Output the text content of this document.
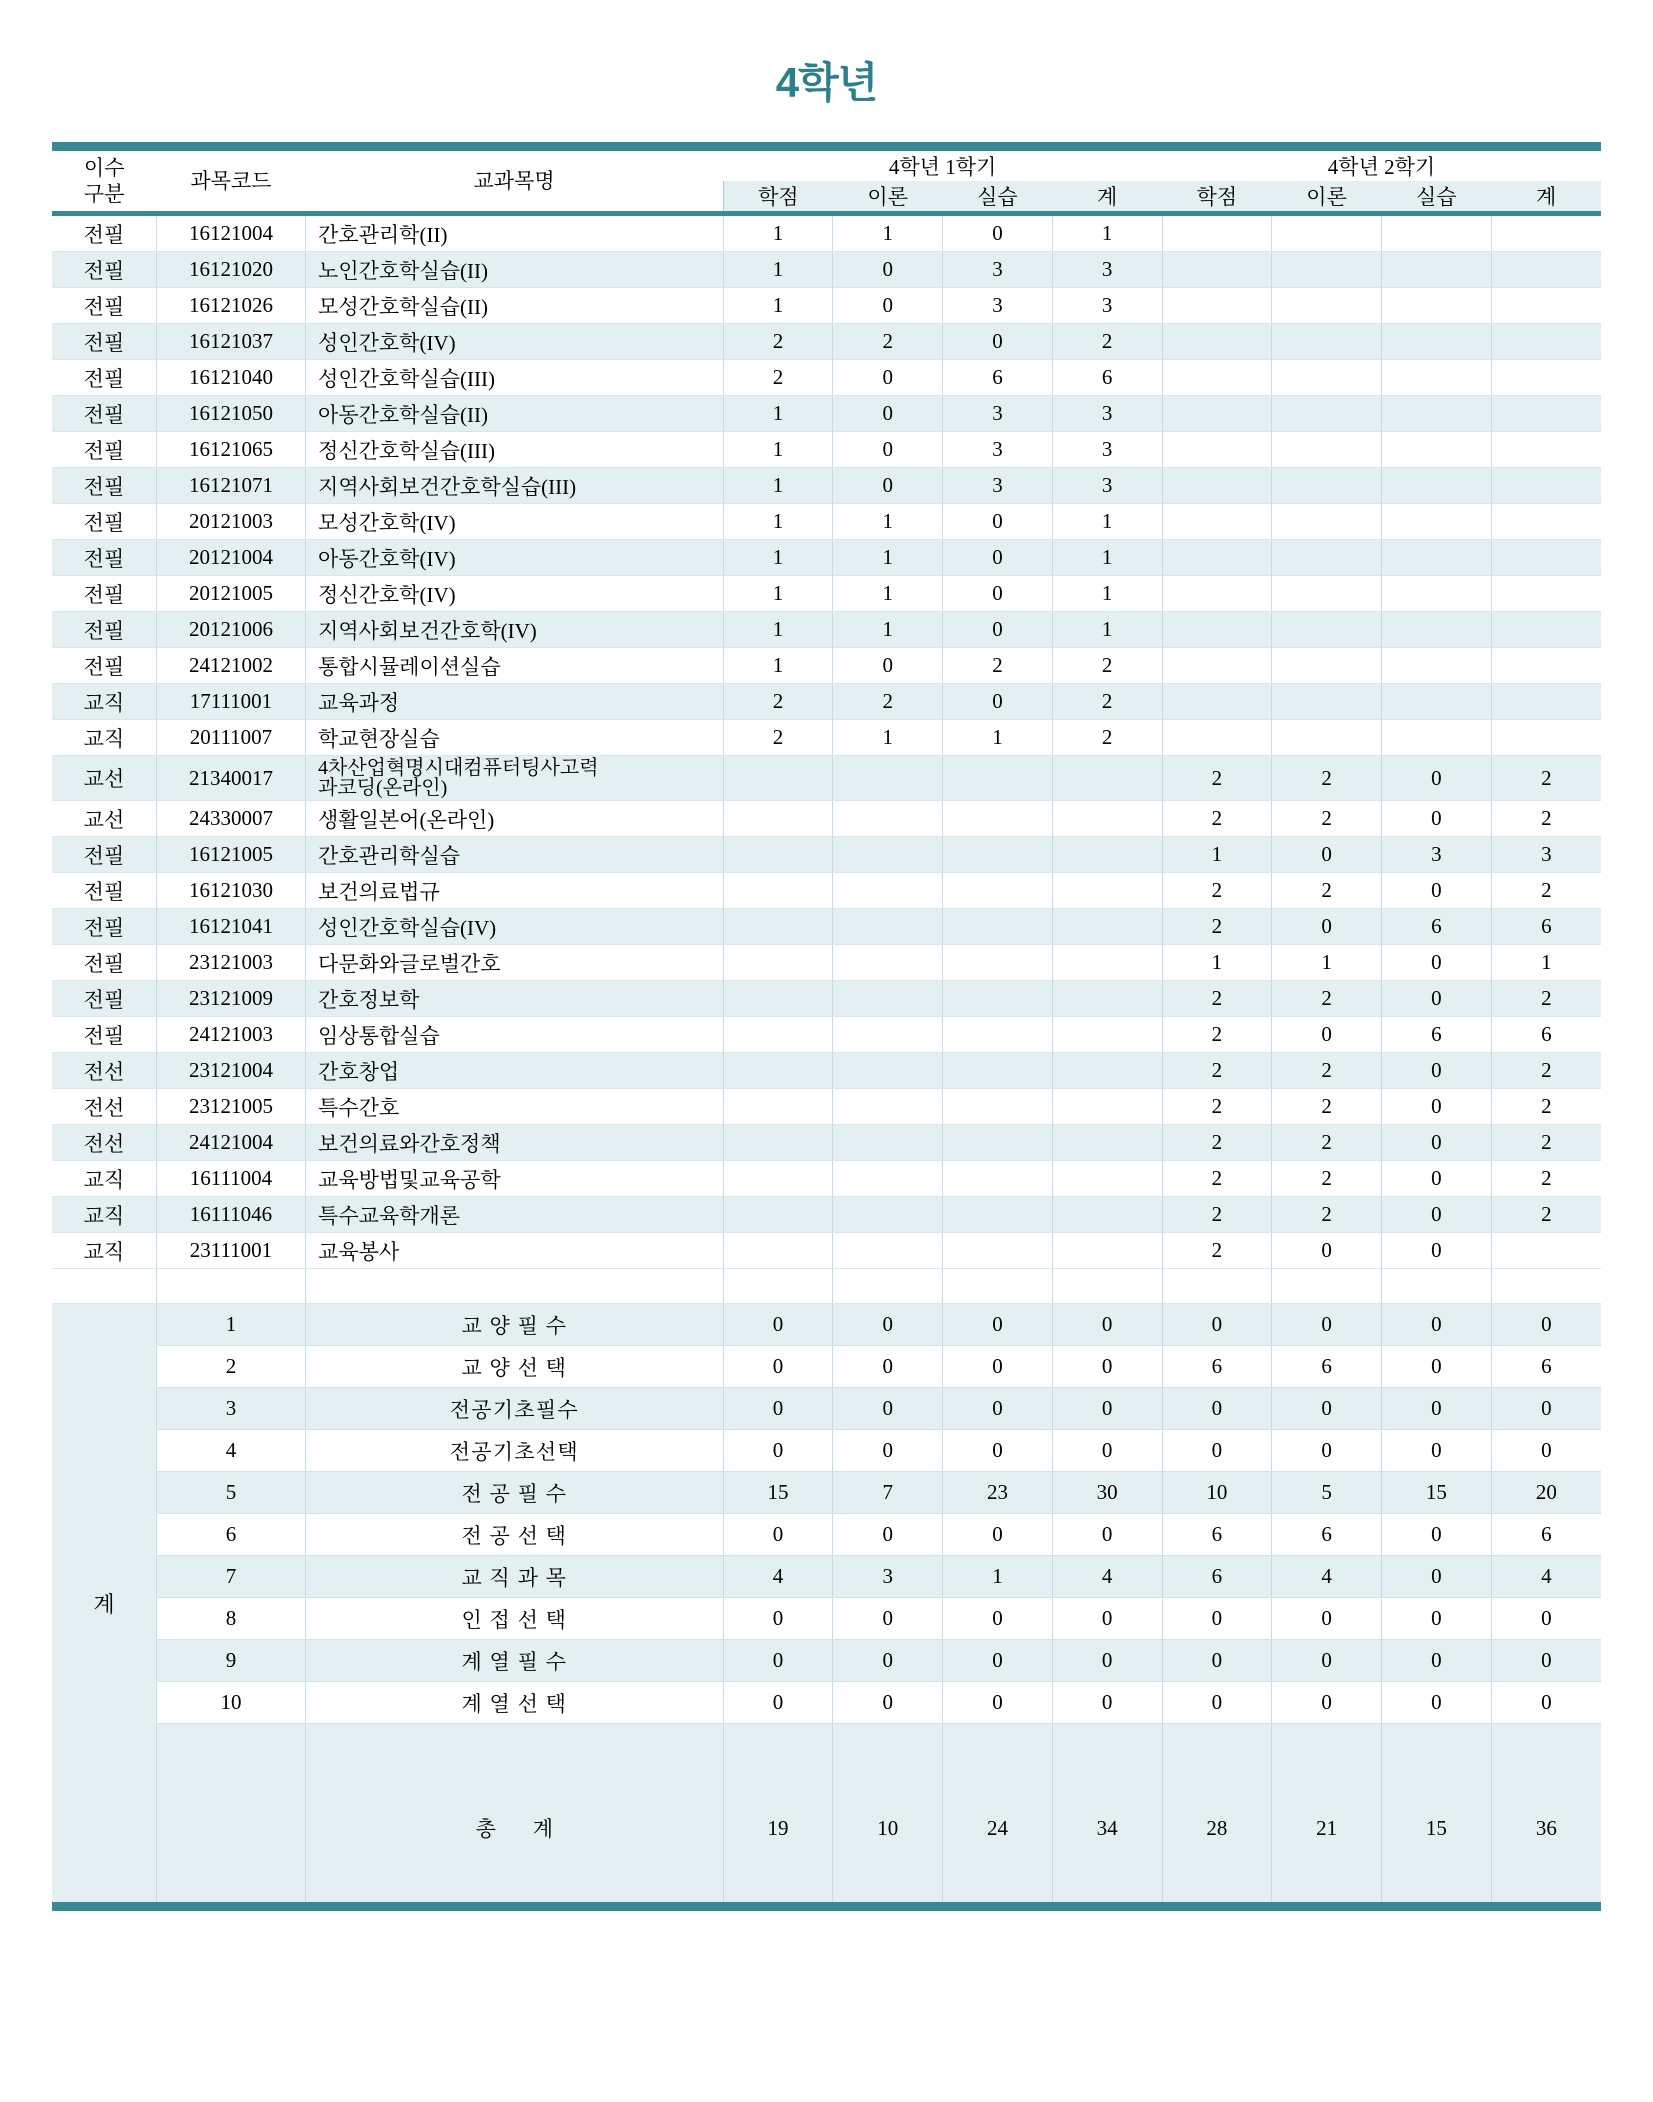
4학년

이수
구분	과목코드	교과목명	4학년 1학기				4학년 2학기			
			학점	이론	실습	계	학점	이론	실습	계

전필	16121004	간호관리학(II)	1	1	0	1				
전필	16121020	노인간호학실습(II)	1	0	3	3				
전필	16121026	모성간호학실습(II)	1	0	3	3				
전필	16121037	성인간호학(IV)	2	2	0	2				
전필	16121040	성인간호학실습(III)	2	0	6	6				
전필	16121050	아동간호학실습(II)	1	0	3	3				
전필	16121065	정신간호학실습(III)	1	0	3	3				
전필	16121071	지역사회보건간호학실습(III)	1	0	3	3				
전필	20121003	모성간호학(IV)	1	1	0	1				
전필	20121004	아동간호학(IV)	1	1	0	1				
전필	20121005	정신간호학(IV)	1	1	0	1				
전필	20121006	지역사회보건간호학(IV)	1	1	0	1				
전필	24121002	통합시뮬레이션실습	1	0	2	2				
교직	17111001	교육과정	2	2	0	2				
교직	20111007	학교현장실습	2	1	1	2				
교선	21340017	4차산업혁명시대컴퓨터팅사고력
과코딩(온라인)					2	2	0	2
교선	24330007	생활일본어(온라인)					2	2	0	2
전필	16121005	간호관리학실습					1	0	3	3
전필	16121030	보건의료법규					2	2	0	2
전필	16121041	성인간호학실습(IV)					2	0	6	6
전필	23121003	다문화와글로벌간호					1	1	0	1
전필	23121009	간호정보학					2	2	0	2
전필	24121003	임상통합실습					2	0	6	6
전선	23121004	간호창업					2	2	0	2
전선	23121005	특수간호					2	2	0	2
전선	24121004	보건의료와간호정책					2	2	0	2
교직	16111004	교육방법및교육공학					2	2	0	2
교직	16111046	특수교육학개론					2	2	0	2
교직	23111001	교육봉사					2	0	0	

계	1	교 양 필 수	0	0	0	0	0	0	0	0
	2	교 양 선 택	0	0	0	0	6	6	0	6
	3	전공기초필수	0	0	0	0	0	0	0	0
	4	전공기초선택	0	0	0	0	0	0	0	0
	5	전 공 필 수	15	7	23	30	10	5	15	20
	6	전 공 선 택	0	0	0	0	6	6	0	6
	7	교 직 과 목	4	3	1	4	6	4	0	4
	8	인 접 선 택	0	0	0	0	0	0	0	0
	9	계 열 필 수	0	0	0	0	0	0	0	0
	10	계 열 선 택	0	0	0	0	0	0	0	0

		총 계	19	10	24	34	28	21	15	36
